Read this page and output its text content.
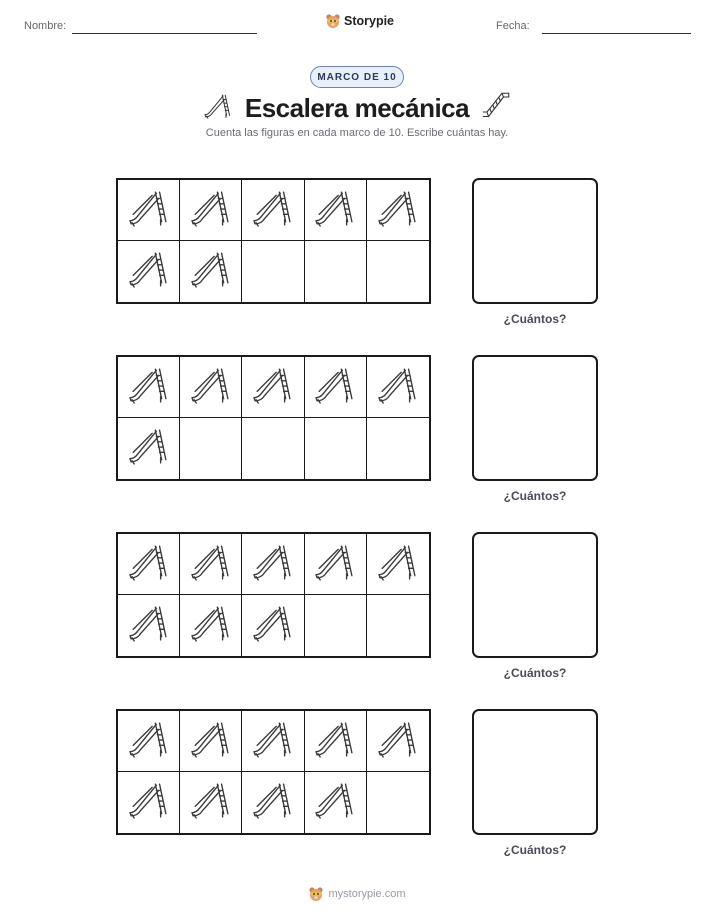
Nombre:	Storypie	Fecha:
MARCO DE 10
Escalera mecánica
Cuenta las figuras en cada marco de 10. Escribe cuántas hay.
¿Cuántos?
¿Cuántos?
¿Cuántos?
¿Cuántos?
mystorypie.com
